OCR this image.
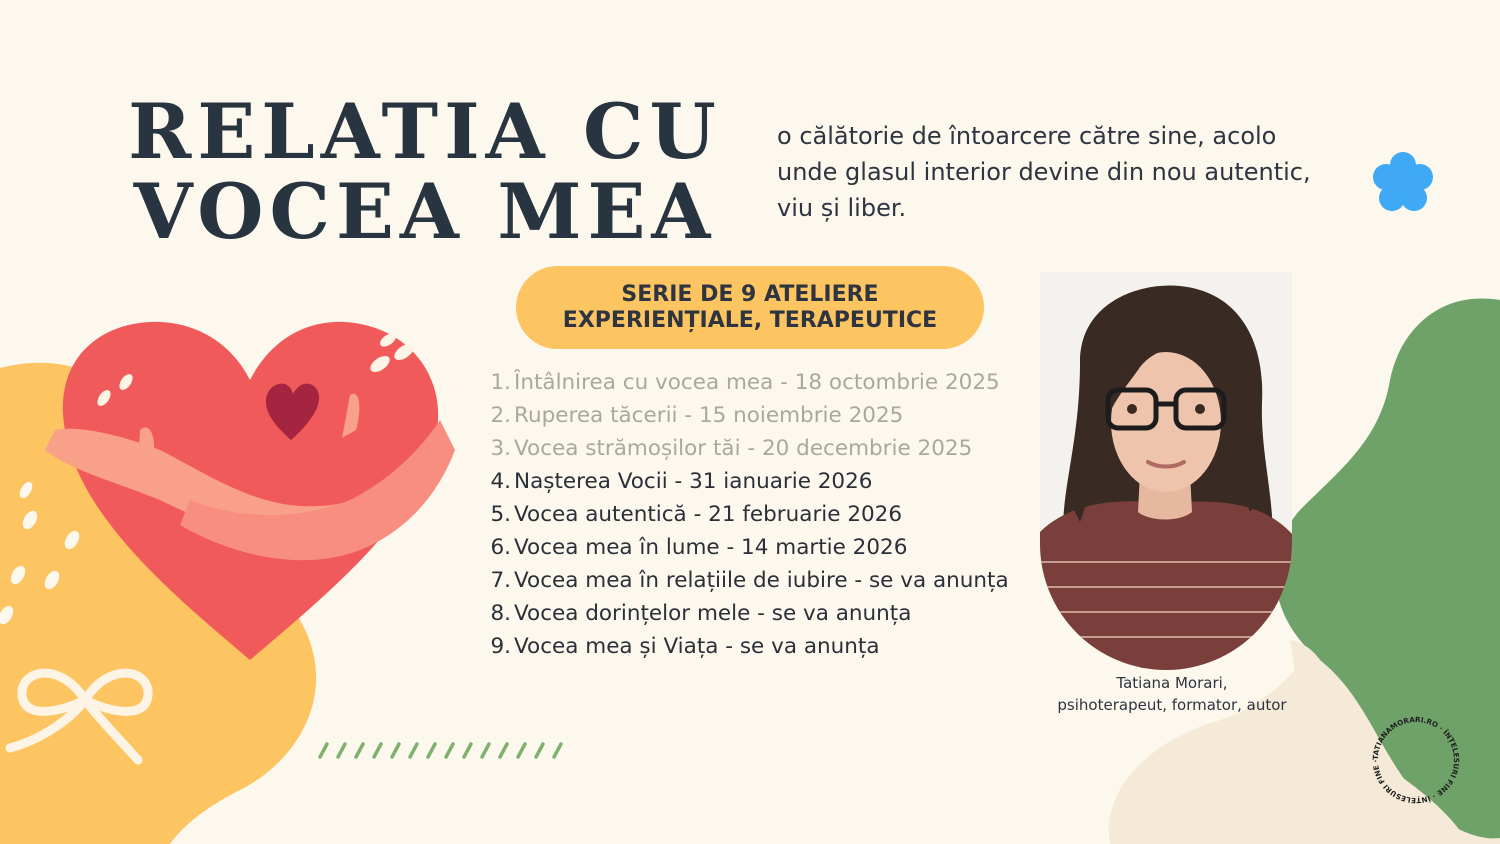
RELATIA CU
VOCEA MEA
o călătorie de întoarcere către sine, acolo unde glasul interior devine din nou autentic, viu și liber.
SERIE DE 9 ATELIERE
EXPERIENȚIALE, TERAPEUTICE
1. Întâlnirea cu vocea mea - 18 octombrie 2025
2. Ruperea tăcerii - 15 noiembrie 2025
3. Vocea strămoșilor tăi - 20 decembrie 2025
4. Nașterea Vocii - 31 ianuarie 2026
5. Vocea autentică - 21 februarie 2026
6. Vocea mea în lume - 14 martie 2026
7. Vocea mea în relațiile de iubire - se va anunța
8. Vocea dorințelor mele - se va anunța
9. Vocea mea și Viața - se va anunța
Tatiana Morari,
psihoterapeut, formator, autor
TATIANAMORARI.RO · ÎNȚELESURI FINE · ÎNȚELESURI FINE ·
